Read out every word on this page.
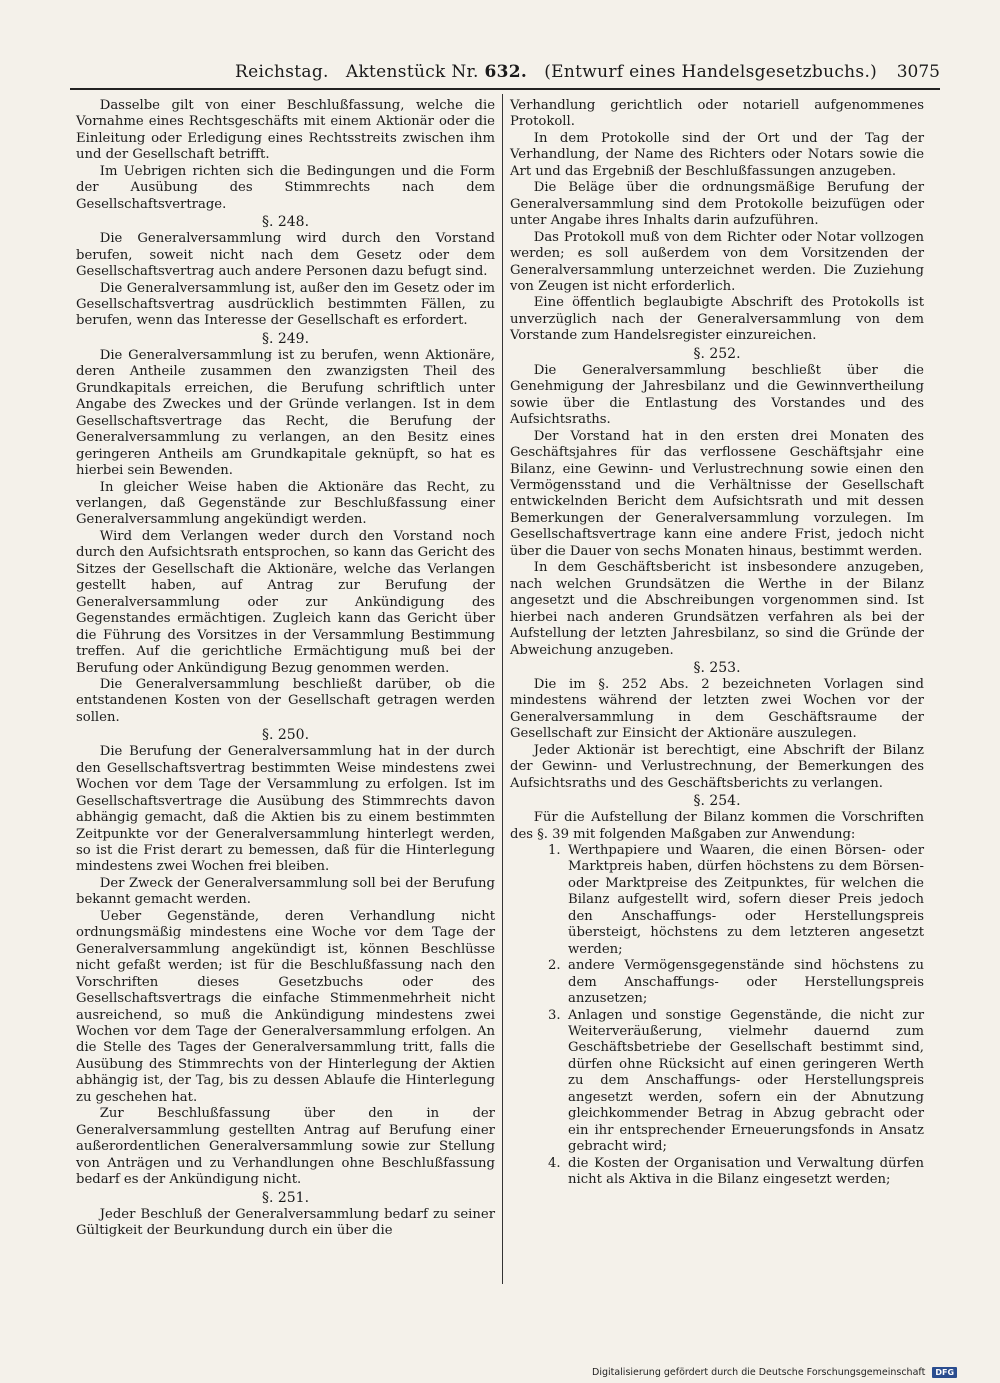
Reichstag. Aktenstück Nr. 632. (Entwurf eines Handelsgesetzbuchs.) 3075

Dasselbe gilt von einer Beschlußfassung, welche die Vornahme eines Rechtsgeschäfts mit einem Aktionär oder die Einleitung oder Erledigung eines Rechtsstreits zwischen ihm und der Gesellschaft betrifft.

Im Uebrigen richten sich die Bedingungen und die Form der Ausübung des Stimmrechts nach dem Gesellschaftsvertrage.

§. 248.

Die Generalversammlung wird durch den Vorstand berufen, soweit nicht nach dem Gesetz oder dem Gesellschaftsvertrag auch andere Personen dazu befugt sind.

Die Generalversammlung ist, außer den im Gesetz oder im Gesellschaftsvertrag ausdrücklich bestimmten Fällen, zu berufen, wenn das Interesse der Gesellschaft es erfordert.

§. 249.

Die Generalversammlung ist zu berufen, wenn Aktionäre, deren Antheile zusammen den zwanzigsten Theil des Grundkapitals erreichen, die Berufung schriftlich unter Angabe des Zweckes und der Gründe verlangen. Ist in dem Gesellschaftsvertrage das Recht, die Berufung der Generalversammlung zu verlangen, an den Besitz eines geringeren Antheils am Grundkapitale geknüpft, so hat es hierbei sein Bewenden.

In gleicher Weise haben die Aktionäre das Recht, zu verlangen, daß Gegenstände zur Beschlußfassung einer Generalversammlung angekündigt werden.

Wird dem Verlangen weder durch den Vorstand noch durch den Aufsichtsrath entsprochen, so kann das Gericht des Sitzes der Gesellschaft die Aktionäre, welche das Verlangen gestellt haben, auf Antrag zur Berufung der Generalversammlung oder zur Ankündigung des Gegenstandes ermächtigen. Zugleich kann das Gericht über die Führung des Vorsitzes in der Versammlung Bestimmung treffen. Auf die gerichtliche Ermächtigung muß bei der Berufung oder Ankündigung Bezug genommen werden.

Die Generalversammlung beschließt darüber, ob die entstandenen Kosten von der Gesellschaft getragen werden sollen.

§. 250.

Die Berufung der Generalversammlung hat in der durch den Gesellschaftsvertrag bestimmten Weise mindestens zwei Wochen vor dem Tage der Versammlung zu erfolgen. Ist im Gesellschaftsvertrage die Ausübung des Stimmrechts davon abhängig gemacht, daß die Aktien bis zu einem bestimmten Zeitpunkte vor der Generalversammlung hinterlegt werden, so ist die Frist derart zu bemessen, daß für die Hinterlegung mindestens zwei Wochen frei bleiben.

Der Zweck der Generalversammlung soll bei der Berufung bekannt gemacht werden.

Ueber Gegenstände, deren Verhandlung nicht ordnungsmäßig mindestens eine Woche vor dem Tage der Generalversammlung angekündigt ist, können Beschlüsse nicht gefaßt werden; ist für die Beschlußfassung nach den Vorschriften dieses Gesetzbuchs oder des Gesellschaftsvertrags die einfache Stimmenmehrheit nicht ausreichend, so muß die Ankündigung mindestens zwei Wochen vor dem Tage der Generalversammlung erfolgen. An die Stelle des Tages der Generalversammlung tritt, falls die Ausübung des Stimmrechts von der Hinterlegung der Aktien abhängig ist, der Tag, bis zu dessen Ablaufe die Hinterlegung zu geschehen hat.

Zur Beschlußfassung über den in der Generalversammlung gestellten Antrag auf Berufung einer außerordentlichen Generalversammlung sowie zur Stellung von Anträgen und zu Verhandlungen ohne Beschlußfassung bedarf es der Ankündigung nicht.

§. 251.

Jeder Beschluß der Generalversammlung bedarf zu seiner Gültigkeit der Beurkundung durch ein über die

Verhandlung gerichtlich oder notariell aufgenommenes Protokoll.

In dem Protokolle sind der Ort und der Tag der Verhandlung, der Name des Richters oder Notars sowie die Art und das Ergebniß der Beschlußfassungen anzugeben.

Die Beläge über die ordnungsmäßige Berufung der Generalversammlung sind dem Protokolle beizufügen oder unter Angabe ihres Inhalts darin aufzuführen.

Das Protokoll muß von dem Richter oder Notar vollzogen werden; es soll außerdem von dem Vorsitzenden der Generalversammlung unterzeichnet werden. Die Zuziehung von Zeugen ist nicht erforderlich.

Eine öffentlich beglaubigte Abschrift des Protokolls ist unverzüglich nach der Generalversammlung von dem Vorstande zum Handelsregister einzureichen.

§. 252.

Die Generalversammlung beschließt über die Genehmigung der Jahresbilanz und die Gewinnvertheilung sowie über die Entlastung des Vorstandes und des Aufsichtsraths.

Der Vorstand hat in den ersten drei Monaten des Geschäftsjahres für das verflossene Geschäftsjahr eine Bilanz, eine Gewinn- und Verlustrechnung sowie einen den Vermögensstand und die Verhältnisse der Gesellschaft entwickelnden Bericht dem Aufsichtsrath und mit dessen Bemerkungen der Generalversammlung vorzulegen. Im Gesellschaftsvertrage kann eine andere Frist, jedoch nicht über die Dauer von sechs Monaten hinaus, bestimmt werden.

In dem Geschäftsbericht ist insbesondere anzugeben, nach welchen Grundsätzen die Werthe in der Bilanz angesetzt und die Abschreibungen vorgenommen sind. Ist hierbei nach anderen Grundsätzen verfahren als bei der Aufstellung der letzten Jahresbilanz, so sind die Gründe der Abweichung anzugeben.

§. 253.

Die im §. 252 Abs. 2 bezeichneten Vorlagen sind mindestens während der letzten zwei Wochen vor der Generalversammlung in dem Geschäftsraume der Gesellschaft zur Einsicht der Aktionäre auszulegen.

Jeder Aktionär ist berechtigt, eine Abschrift der Bilanz der Gewinn- und Verlustrechnung, der Bemerkungen des Aufsichtsraths und des Geschäftsberichts zu verlangen.

§. 254.

Für die Aufstellung der Bilanz kommen die Vorschriften des §. 39 mit folgenden Maßgaben zur Anwendung:

1. Werthpapiere und Waaren, die einen Börsen- oder Marktpreis haben, dürfen höchstens zu dem Börsen- oder Marktpreise des Zeitpunktes, für welchen die Bilanz aufgestellt wird, sofern dieser Preis jedoch den Anschaffungs- oder Herstellungspreis übersteigt, höchstens zu dem letzteren angesetzt werden;
2. andere Vermögensgegenstände sind höchstens zu dem Anschaffungs- oder Herstellungspreis anzusetzen;
3. Anlagen und sonstige Gegenstände, die nicht zur Weiterveräußerung, vielmehr dauernd zum Geschäftsbetriebe der Gesellschaft bestimmt sind, dürfen ohne Rücksicht auf einen geringeren Werth zu dem Anschaffungs- oder Herstellungspreis angesetzt werden, sofern ein der Abnutzung gleichkommender Betrag in Abzug gebracht oder ein ihr entsprechender Erneuerungsfonds in Ansatz gebracht wird;
4. die Kosten der Organisation und Verwaltung dürfen nicht als Aktiva in die Bilanz eingesetzt werden;
Digitalisierung gefördert durch die Deutsche Forschungsgemeinschaft DFG
